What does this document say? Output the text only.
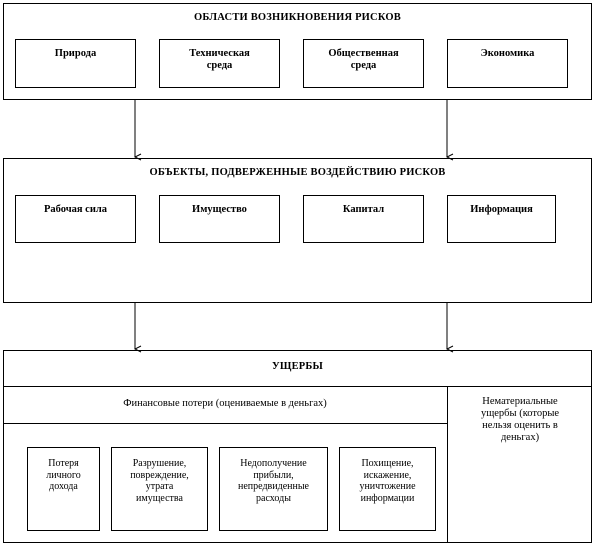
ОБЛАСТИ ВОЗНИКНОВЕНИЯ РИСКОВ
Природа	Техническая
среда
Общественная
среда
Экономика
ОБЪЕКТЫ, ПОДВЕРЖЕННЫЕ ВОЗДЕЙСТВИЮ РИСКОВ
Рабочая сила	Имущество	Капитал	Информация
УЩЕРБЫ
Финансовые потери (оцениваемые в деньгах)	Нематериальные
ущербы (которые
нельзя оценить в
деньгах)
Потеря
личного
дохода
Разрушение,
повреждение,
утрата
имущества
Недополучение
прибыли,
непредвиденные
расходы
Похищение,
искажение,
уничтожение
информации
